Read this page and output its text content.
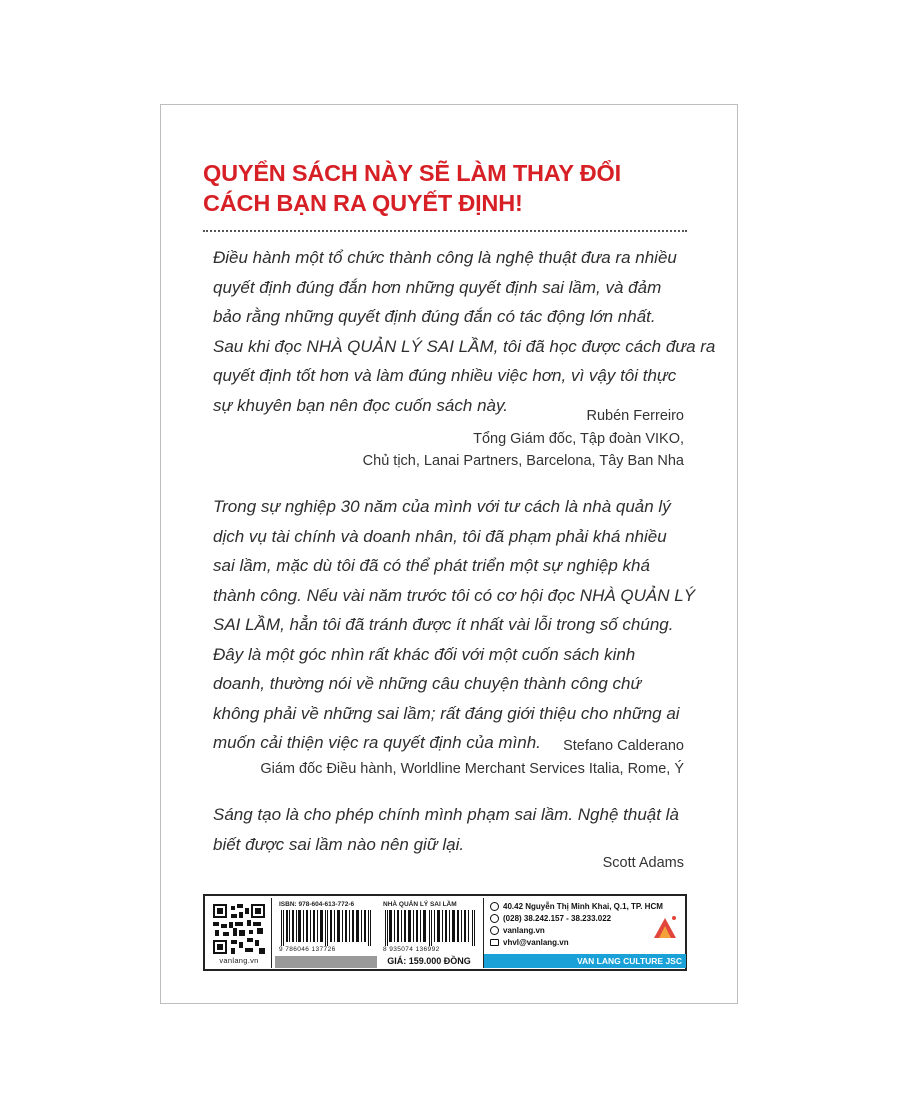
QUYỂN SÁCH NÀY SẼ LÀM THAY ĐỔI
CÁCH BẠN RA QUYẾT ĐỊNH!
Điều hành một tổ chức thành công là nghệ thuật đưa ra nhiều
quyết định đúng đắn hơn những quyết định sai lầm, và đảm
bảo rằng những quyết định đúng đắn có tác động lớn nhất.
Sau khi đọc NHÀ QUẢN LÝ SAI LẦM, tôi đã học được cách đưa ra
quyết định tốt hơn và làm đúng nhiều việc hơn, vì vậy tôi thực
sự khuyên bạn nên đọc cuốn sách này.
Rubén Ferreiro
Tổng Giám đốc, Tập đoàn VIKO,
Chủ tịch, Lanai Partners, Barcelona, Tây Ban Nha
Trong sự nghiệp 30 năm của mình với tư cách là nhà quản lý
dịch vụ tài chính và doanh nhân, tôi đã phạm phải khá nhiều
sai lầm, mặc dù tôi đã có thể phát triển một sự nghiệp khá
thành công. Nếu vài năm trước tôi có cơ hội đọc NHÀ QUẢN LÝ
SAI LẦM, hẳn tôi đã tránh được ít nhất vài lỗi trong số chúng.
Đây là một góc nhìn rất khác đối với một cuốn sách kinh
doanh, thường nói về những câu chuyện thành công chứ
không phải về những sai lầm; rất đáng giới thiệu cho những ai
muốn cải thiện việc ra quyết định của mình.	Stefano Calderano
Giám đốc Điều hành, Worldline Merchant Services Italia, Rome, Ý
Sáng tạo là cho phép chính mình phạm sai lầm. Nghệ thuật là
biết được sai lầm nào nên giữ lại.
Scott Adams
vanlang.vn
ISBN: 978-604-613-772-6	NHÀ QUẢN LÝ SAI LẦM
9 786046 137726	8 935074 136992
GIÁ: 159.000 ĐỒNG
40.42 Nguyễn Thị Minh Khai, Q.1, TP. HCM
(028) 38.242.157 - 38.233.022
vanlang.vn
vhvl@vanlang.vn
VAN LANG CULTURE JSC
